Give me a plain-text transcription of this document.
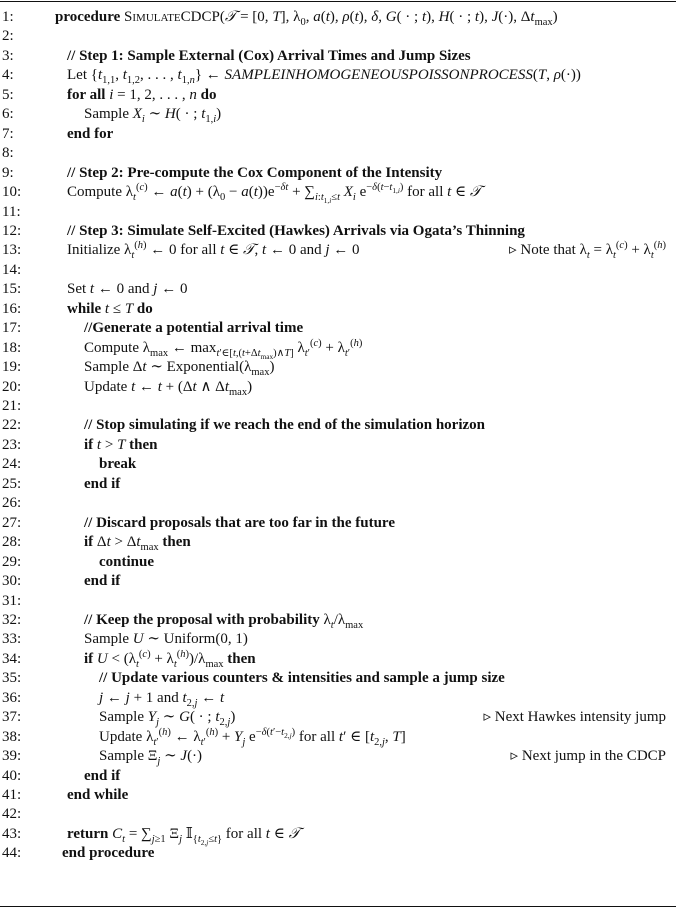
1:	procedure SimulateCDCP(𝒯 = [0, T], $\lambda_0$, a(t), ρ(t), δ, G( · ; t), H( · ; t), J(·), $\Delta t_{max}$)
2:
3:	// Step 1: Sample External (Cox) Arrival Times and Jump Sizes
4:	Let {$t_{1,1}$, $t_{1,2}$, . . . , $t_{1,n}$} ← SAMPLEINHOMOGENEOUSPOISSONPROCESS(T, ρ(·))
5:	for all i = 1, 2, . . . , n do
6:	Sample $X_i$ ∼ H( · ; $t_{1,i}$)
7:	end for
8:
9:	// Step 2: Pre-compute the Cox Component of the Intensity
10:	Compute $\lambda_t^{(c)}$ ← $a(t) + (\lambda_0 - a(t))e^{-\delta t} + \sum_{i:t_{1,i}\le t}$ $X_i$ $e^{-\delta(t-t_{1,i})}$ for all t ∈ 𝒯
11:
12:	// Step 3: Simulate Self-Excited (Hawkes) Arrivals via Ogata’s Thinning
13:	Initialize $\lambda_t^{(h)}$ ← 0 for all t ∈ 𝒯, t ← 0 and j ← 0	▹ Note that $\lambda_t = \lambda_t^{(c)} + \lambda_t^{(h)}$
14:
15:	Set t ← 0 and j ← 0
16:	while t ≤ T do
17:	//Generate a potential arrival time
18:	Compute $\lambda_{max}$ ← $\max_{t'\in[t,(t+\Delta t_{max})\wedge T]} \lambda_{t'}^{(c)} + \lambda_{t'}^{(h)}$
19:	Sample Δt ∼ $Exponential(\lambda_{max})$
20:	Update t ← t + (Δt ∧ $\Delta t_{max}$)
21:
22:	// Stop simulating if we reach the end of the simulation horizon
23:	if t > T then
24:	break
25:	end if
26:
27:	// Discard proposals that are too far in the future
28:	if $\Delta t > \Delta t_{max}$ then
29:	continue
30:	end if
31:
32:	// Keep the proposal with probability $\lambda_t/\lambda_{max}$
33:	Sample U ∼ Uniform(0, 1)
34:	if $U < (\lambda_t^{(c)} + \lambda_t^{(h)})/\lambda_{max}$ then
35:	// Update various counters & intensities and sample a jump size
36:	j ← j + 1 and $t_{2,j}$ ← t
37:	Sample $Y_j$ ∼ G( · ; $t_{2,j}$)	▹ Next Hawkes intensity jump
38:	Update $\lambda_{t'}^{(h)}$ ← $\lambda_{t'}^{(h)} + Y_j$ $e^{-\delta(t'-t_{2,j})}$ for all t′ ∈ [$t_{2,j}$, T]
39:	Sample $\Xi_j$ ∼ J(·)	▹ Next jump in the CDCP
40:	end if
41:	end while
42:
43:	return $C_t = \sum_{j\ge 1}$ $\Xi_j$ 𝕀$_{\{t_{2,j}\le t\}}$ for all t ∈ 𝒯
44:	end procedure
